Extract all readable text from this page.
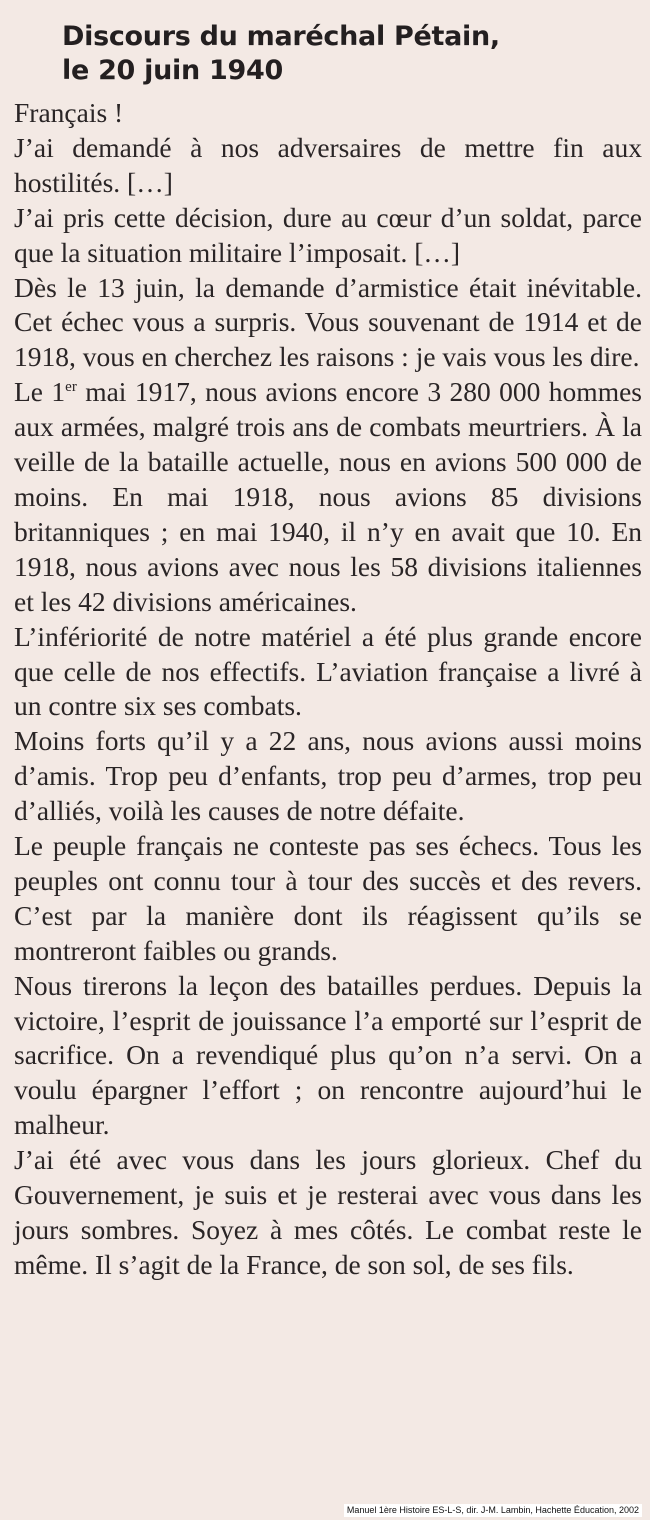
Discours du maréchal Pétain,
le 20 juin 1940

Français !

J’ai demandé à nos adversaires de mettre fin aux hostilités. […]

J’ai pris cette décision, dure au cœur d’un soldat, parce que la situation militaire l’imposait. […]

Dès le 13 juin, la demande d’armistice était inévitable. Cet échec vous a surpris. Vous souvenant de 1914 et de 1918, vous en cherchez les raisons : je vais vous les dire.

Le 1er mai 1917, nous avions encore 3 280 000 hommes aux armées, malgré trois ans de combats meurtriers. À la veille de la bataille actuelle, nous en avions 500 000 de moins. En mai 1918, nous avions 85 divisions britanniques ; en mai 1940, il n’y en avait que 10. En 1918, nous avions avec nous les 58 divisions italiennes et les 42 divisions américaines.

L’infériorité de notre matériel a été plus grande encore que celle de nos effectifs. L’aviation française a livré à un contre six ses combats.

Moins forts qu’il y a 22 ans, nous avions aussi moins d’amis. Trop peu d’enfants, trop peu d’armes, trop peu d’alliés, voilà les causes de notre défaite.

Le peuple français ne conteste pas ses échecs. Tous les peuples ont connu tour à tour des succès et des revers. C’est par la manière dont ils réagissent qu’ils se montreront faibles ou grands.

Nous tirerons la leçon des batailles perdues. Depuis la victoire, l’esprit de jouissance l’a emporté sur l’esprit de sacrifice. On a revendiqué plus qu’on n’a servi. On a voulu épargner l’effort ; on rencontre aujourd’hui le malheur.

J’ai été avec vous dans les jours glorieux. Chef du Gouvernement, je suis et je resterai avec vous dans les jours sombres. Soyez à mes côtés. Le combat reste le même. Il s’agit de la France, de son sol, de ses fils.

Manuel 1ère Histoire ES-L-S, dir. J-M. Lambin, Hachette Éducation, 2002
